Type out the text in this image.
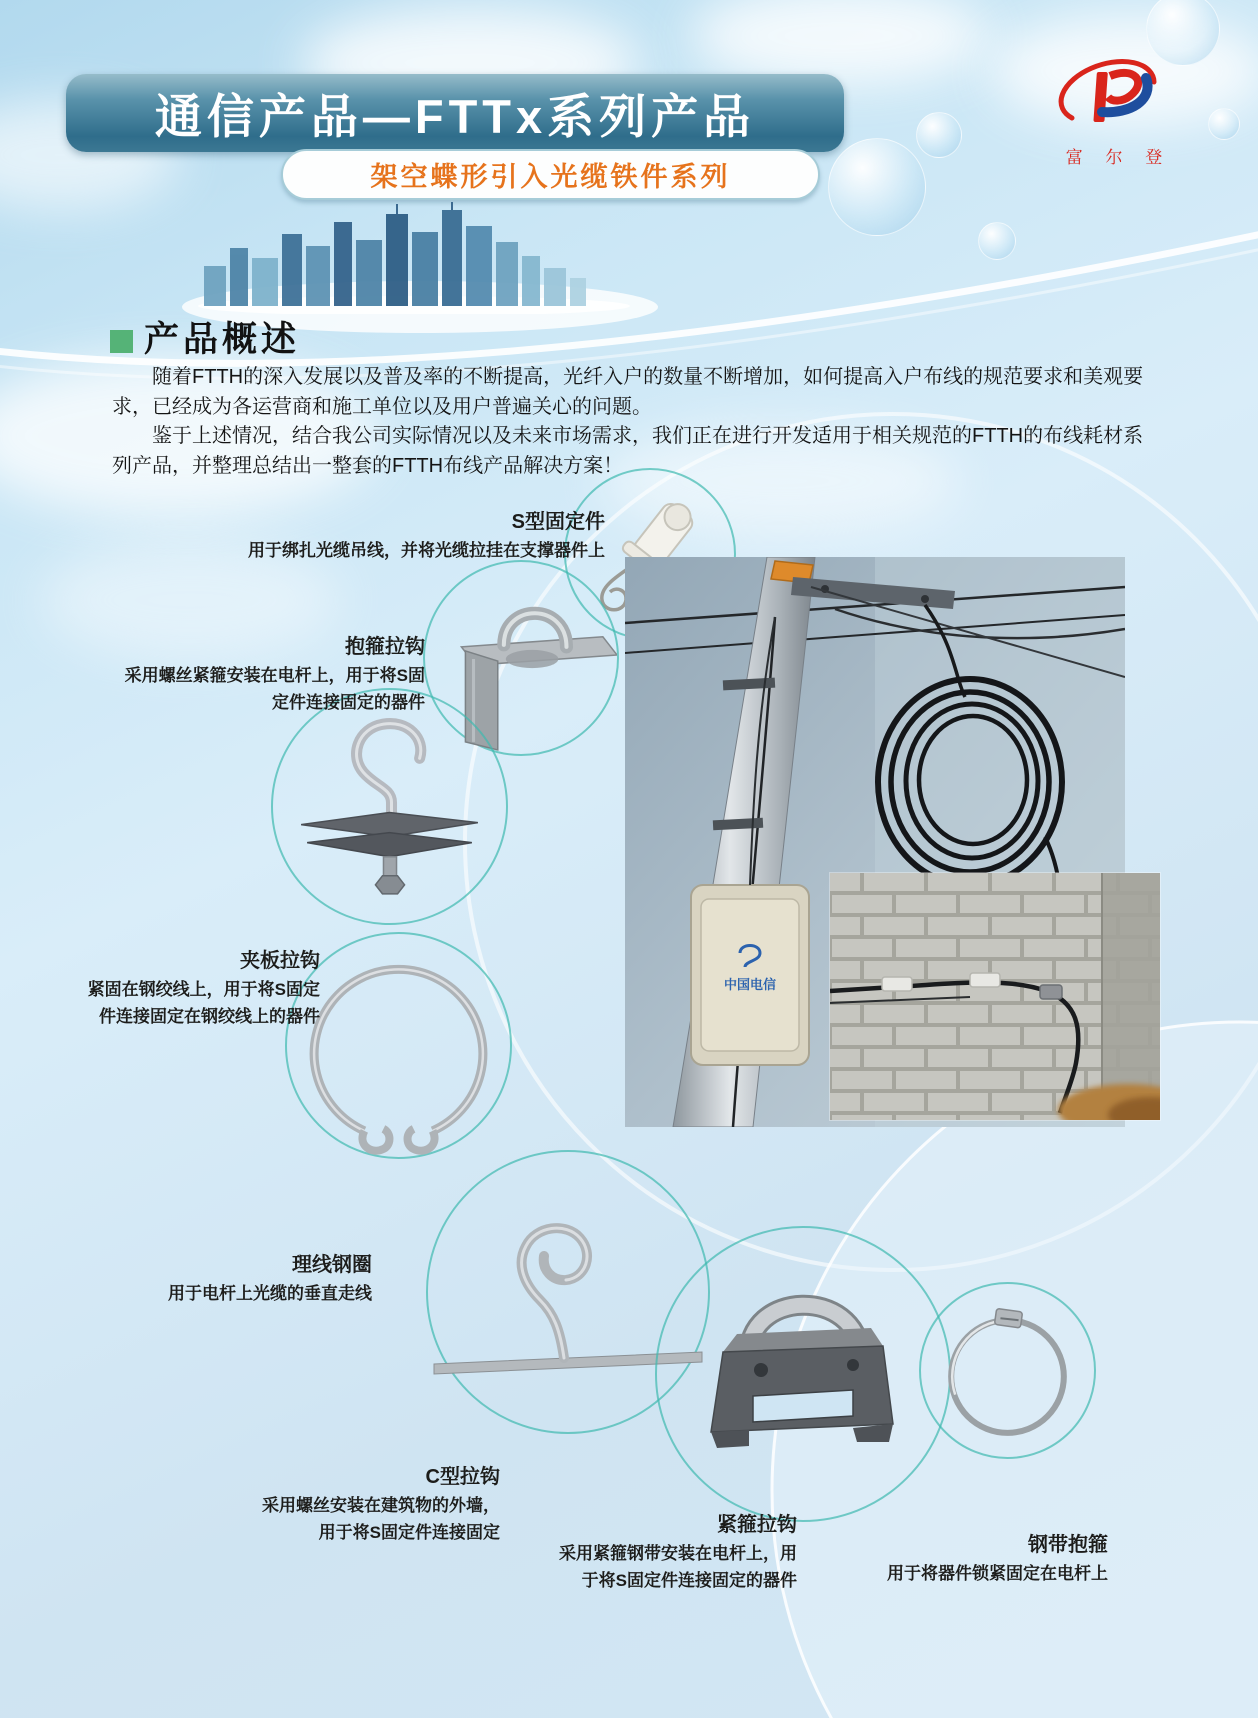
通信产品—FTTx系列产品
架空蝶形引入光缆铁件系列
富 尔 登
产品概述

随着FTTH的深入发展以及普及率的不断提高，光纤入户的数量不断增加，如何提高入户布线的规范要求和美观要求，已经成为各运营商和施工单位以及用户普遍关心的问题。

鉴于上述情况，结合我公司实际情况以及未来市场需求，我们正在进行开发适用于相关规范的FTTH的布线耗材系列产品，并整理总结出一整套的FTTH布线产品解决方案！

中国电信
S型固定件
用于绑扎光缆吊线，并将光缆拉挂在支撑器件上
抱箍拉钩
采用螺丝紧箍安装在电杆上，用于将S固定件连接固定的器件
夹板拉钩
紧固在钢绞线上，用于将S固定件连接固定在钢绞线上的器件
理线钢圈
用于电杆上光缆的垂直走线
C型拉钩
采用螺丝安装在建筑物的外墙，用于将S固定件连接固定	紧箍拉钩
采用紧箍钢带安装在电杆上，用于将S固定件连接固定的器件
钢带抱箍
用于将器件锁紧固定在电杆上
